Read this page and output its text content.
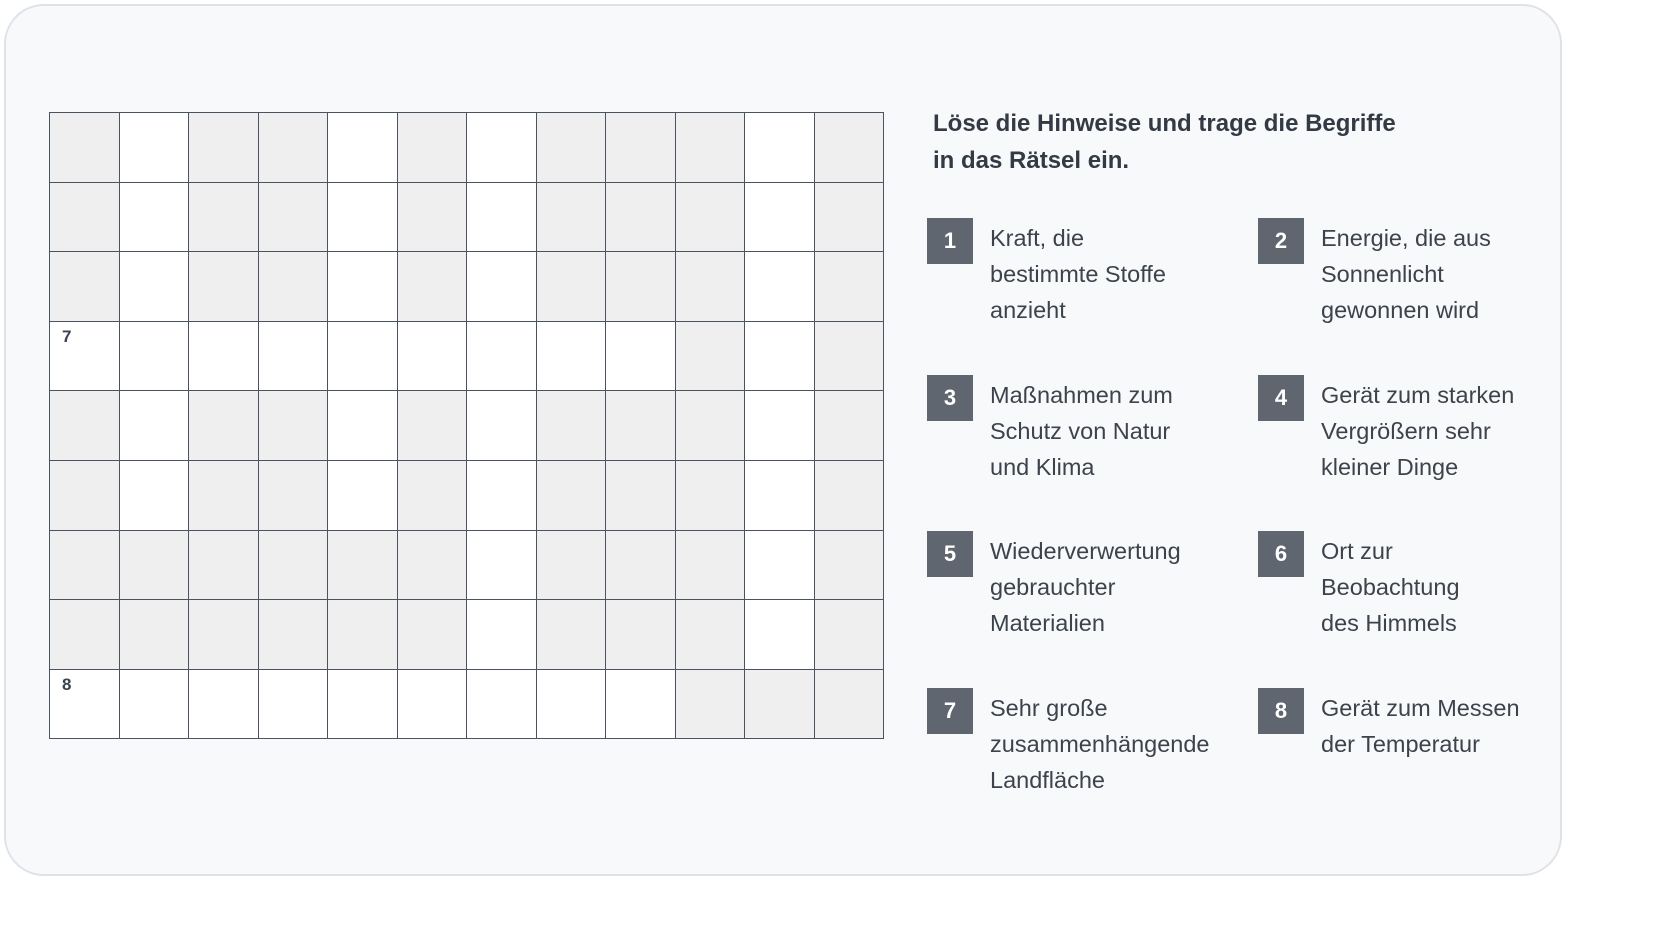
7
8
Löse die Hinweise und trage die Begriffe
in das Rätsel ein.
1	Kraft, die
bestimmte Stoffe
anzieht
2	Energie, die aus
Sonnenlicht
gewonnen wird
3	Maßnahmen zum
Schutz von Natur
und Klima
4	Gerät zum starken
Vergrößern sehr
kleiner Dinge
5	Wiederverwertung
gebrauchter
Materialien
6	Ort zur
Beobachtung
des Himmels
7	Sehr große
zusammenhängende
Landfläche
8	Gerät zum Messen
der Temperatur
